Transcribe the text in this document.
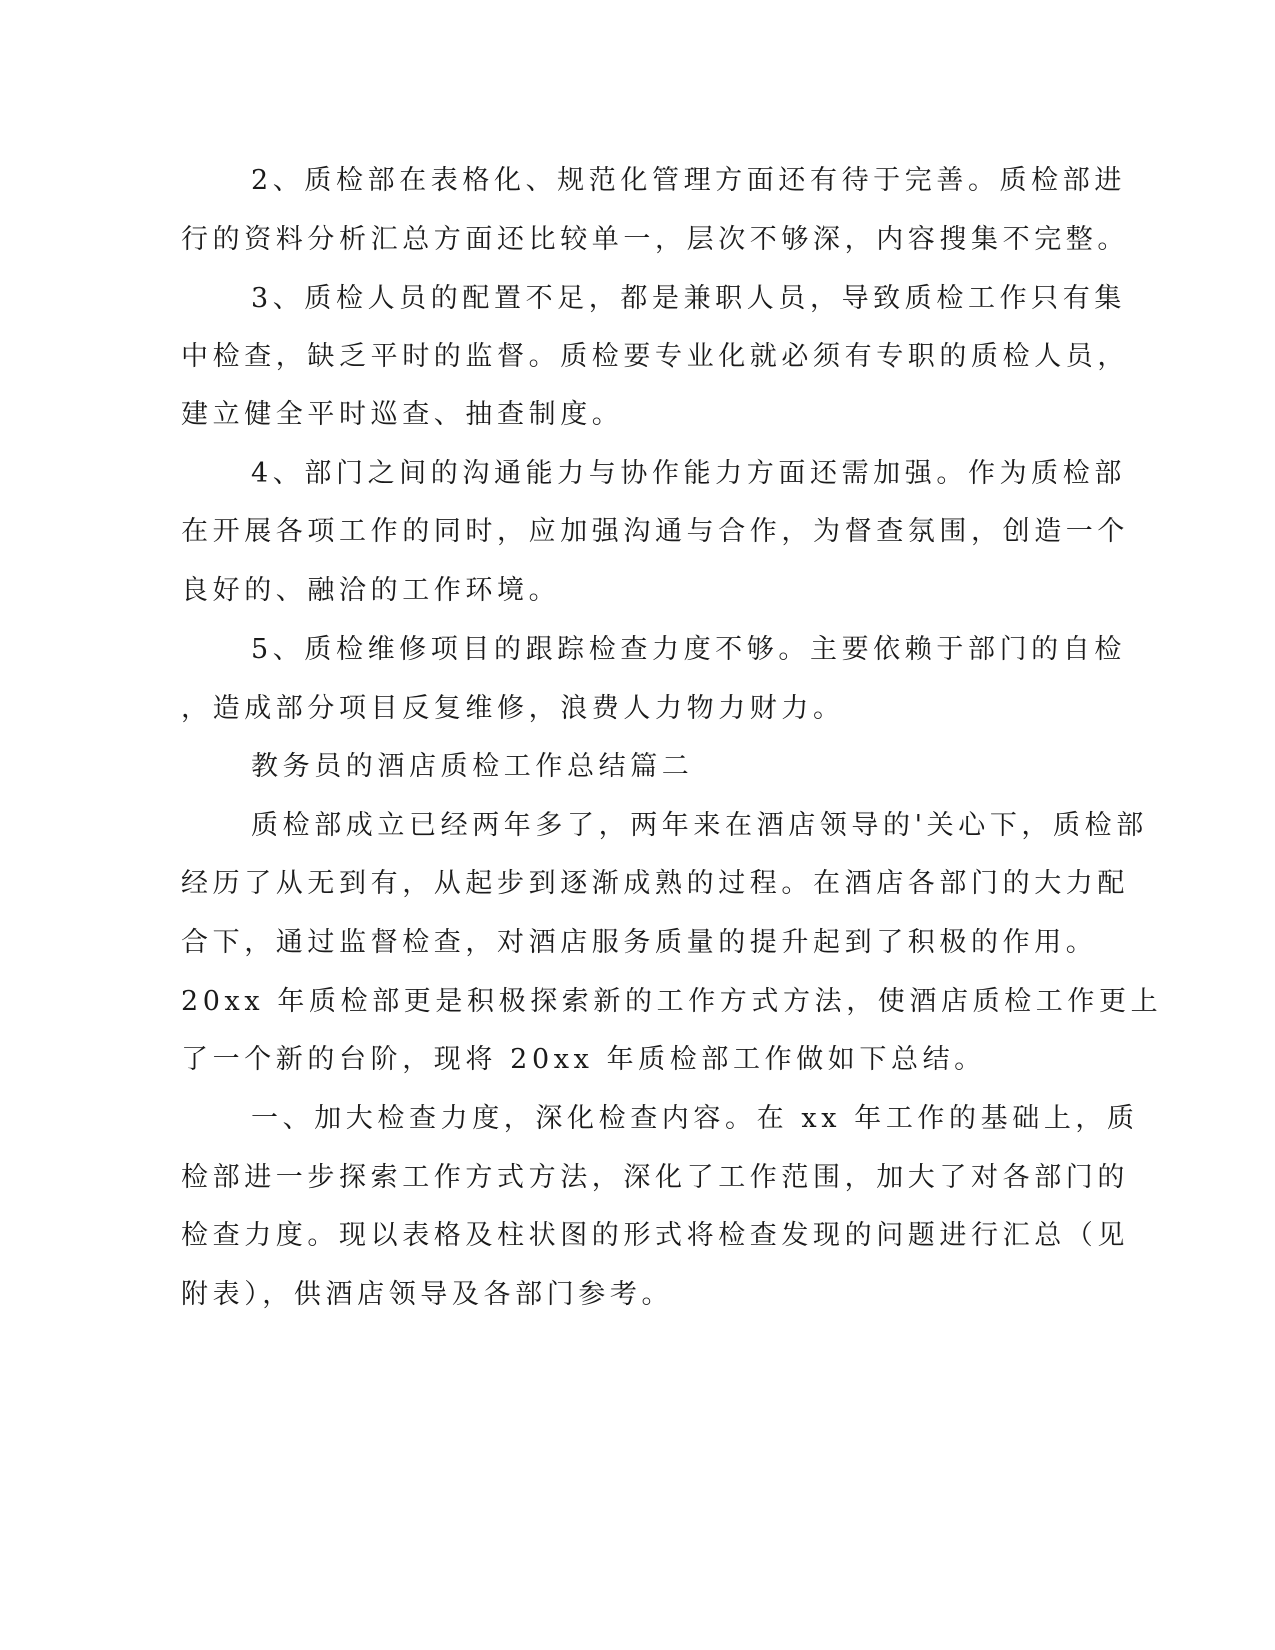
2、质检部在表格化、规范化管理方面还有待于完善。质检部进
行的资料分析汇总方面还比较单一，层次不够深，内容搜集不完整。
3、质检人员的配置不足，都是兼职人员，导致质检工作只有集
中检查，缺乏平时的监督。质检要专业化就必须有专职的质检人员，
建立健全平时巡查、抽查制度。
4、部门之间的沟通能力与协作能力方面还需加强。作为质检部
在开展各项工作的同时，应加强沟通与合作，为督查氛围，创造一个
良好的、融洽的工作环境。
5、质检维修项目的跟踪检查力度不够。主要依赖于部门的自检
，造成部分项目反复维修，浪费人力物力财力。
教务员的酒店质检工作总结篇二
质检部成立已经两年多了，两年来在酒店领导的'关心下，质检部
经历了从无到有，从起步到逐渐成熟的过程。在酒店各部门的大力配
合下，通过监督检查，对酒店服务质量的提升起到了积极的作用。
20xx 年质检部更是积极探索新的工作方式方法，使酒店质检工作更上
了一个新的台阶，现将 20xx 年质检部工作做如下总结。
一、加大检查力度，深化检查内容。在 xx 年工作的基础上，质
检部进一步探索工作方式方法，深化了工作范围，加大了对各部门的
检查力度。现以表格及柱状图的形式将检查发现的问题进行汇总（见
附表），供酒店领导及各部门参考。
